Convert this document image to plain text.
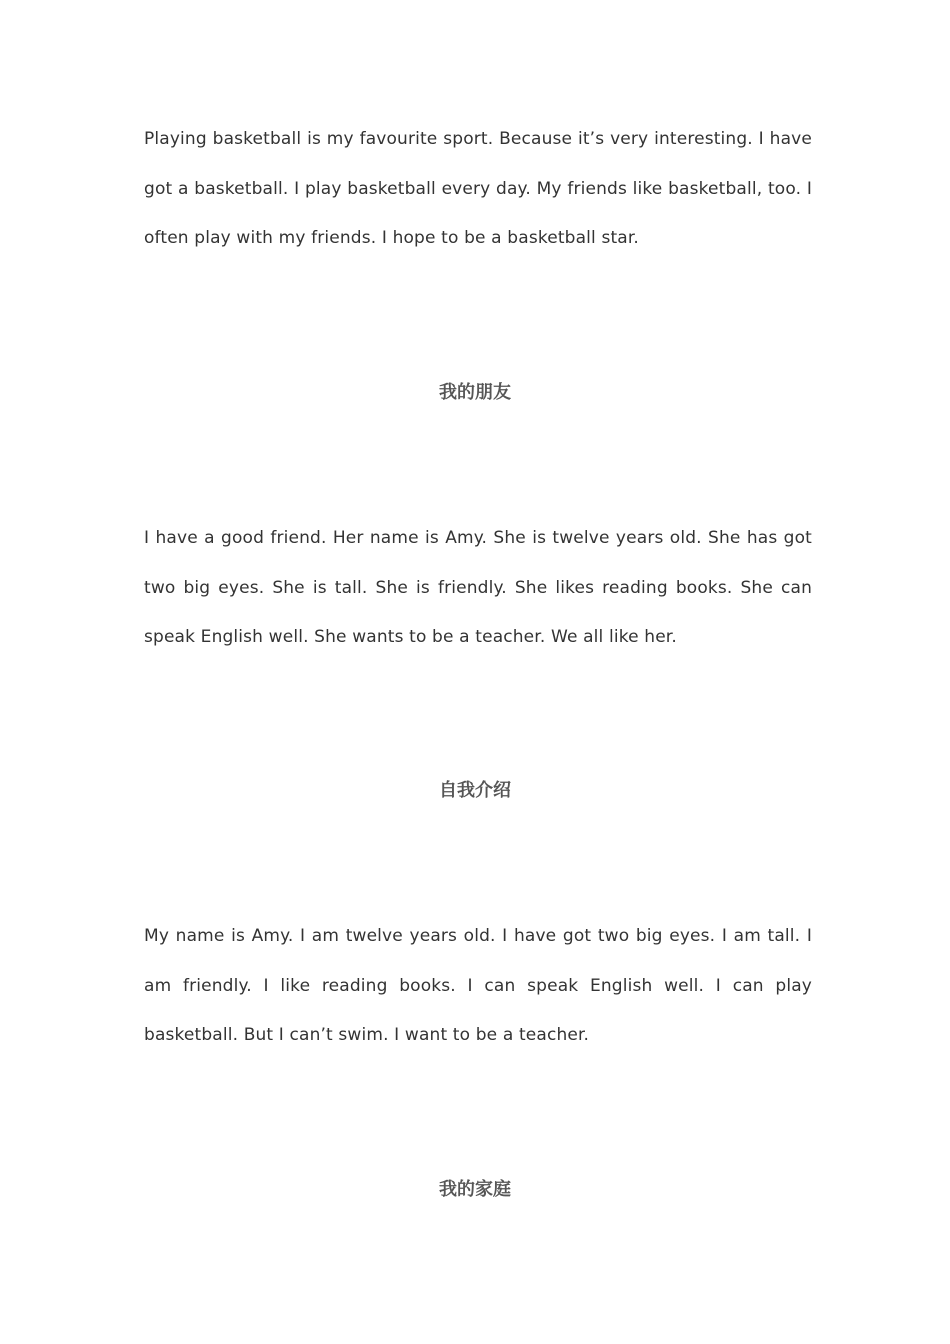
Playing basketball is my favourite sport. Because it’s very interesting. I have got a basketball. I play basketball every day. My friends like basketball, too. I often play with my friends. I hope to be a basketball star.

我的朋友

I have a good friend. Her name is Amy. She is twelve years old. She has got two big eyes. She is tall. She is friendly. She likes reading books. She can speak English well. She wants to be a teacher. We all like her.

自我介绍

My name is Amy. I am twelve years old. I have got two big eyes. I am tall. I am friendly. I like reading books. I can speak English well. I can play basketball. But I can’t swim. I want to be a teacher.

我的家庭
